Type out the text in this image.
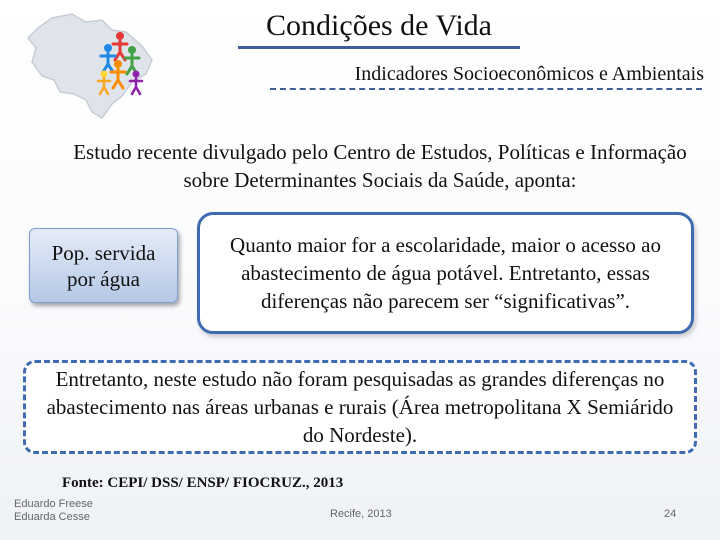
Condições de Vida
Indicadores Socioeconômicos e Ambientais
Estudo recente divulgado pelo Centro de Estudos, Políticas e Informação sobre Determinantes Sociais da Saúde, aponta:
Pop. servida por água
Quanto maior for a escolaridade, maior o acesso ao abastecimento de água potável. Entretanto, essas diferenças não parecem ser “significativas”.
Entretanto, neste estudo não foram pesquisadas as grandes diferenças no abastecimento nas áreas urbanas e rurais (Área metropolitana X Semiárido do Nordeste).
Fonte: CEPI/ DSS/ ENSP/ FIOCRUZ., 2013
Eduardo Freese
Eduarda Cesse	Recife, 2013	24
